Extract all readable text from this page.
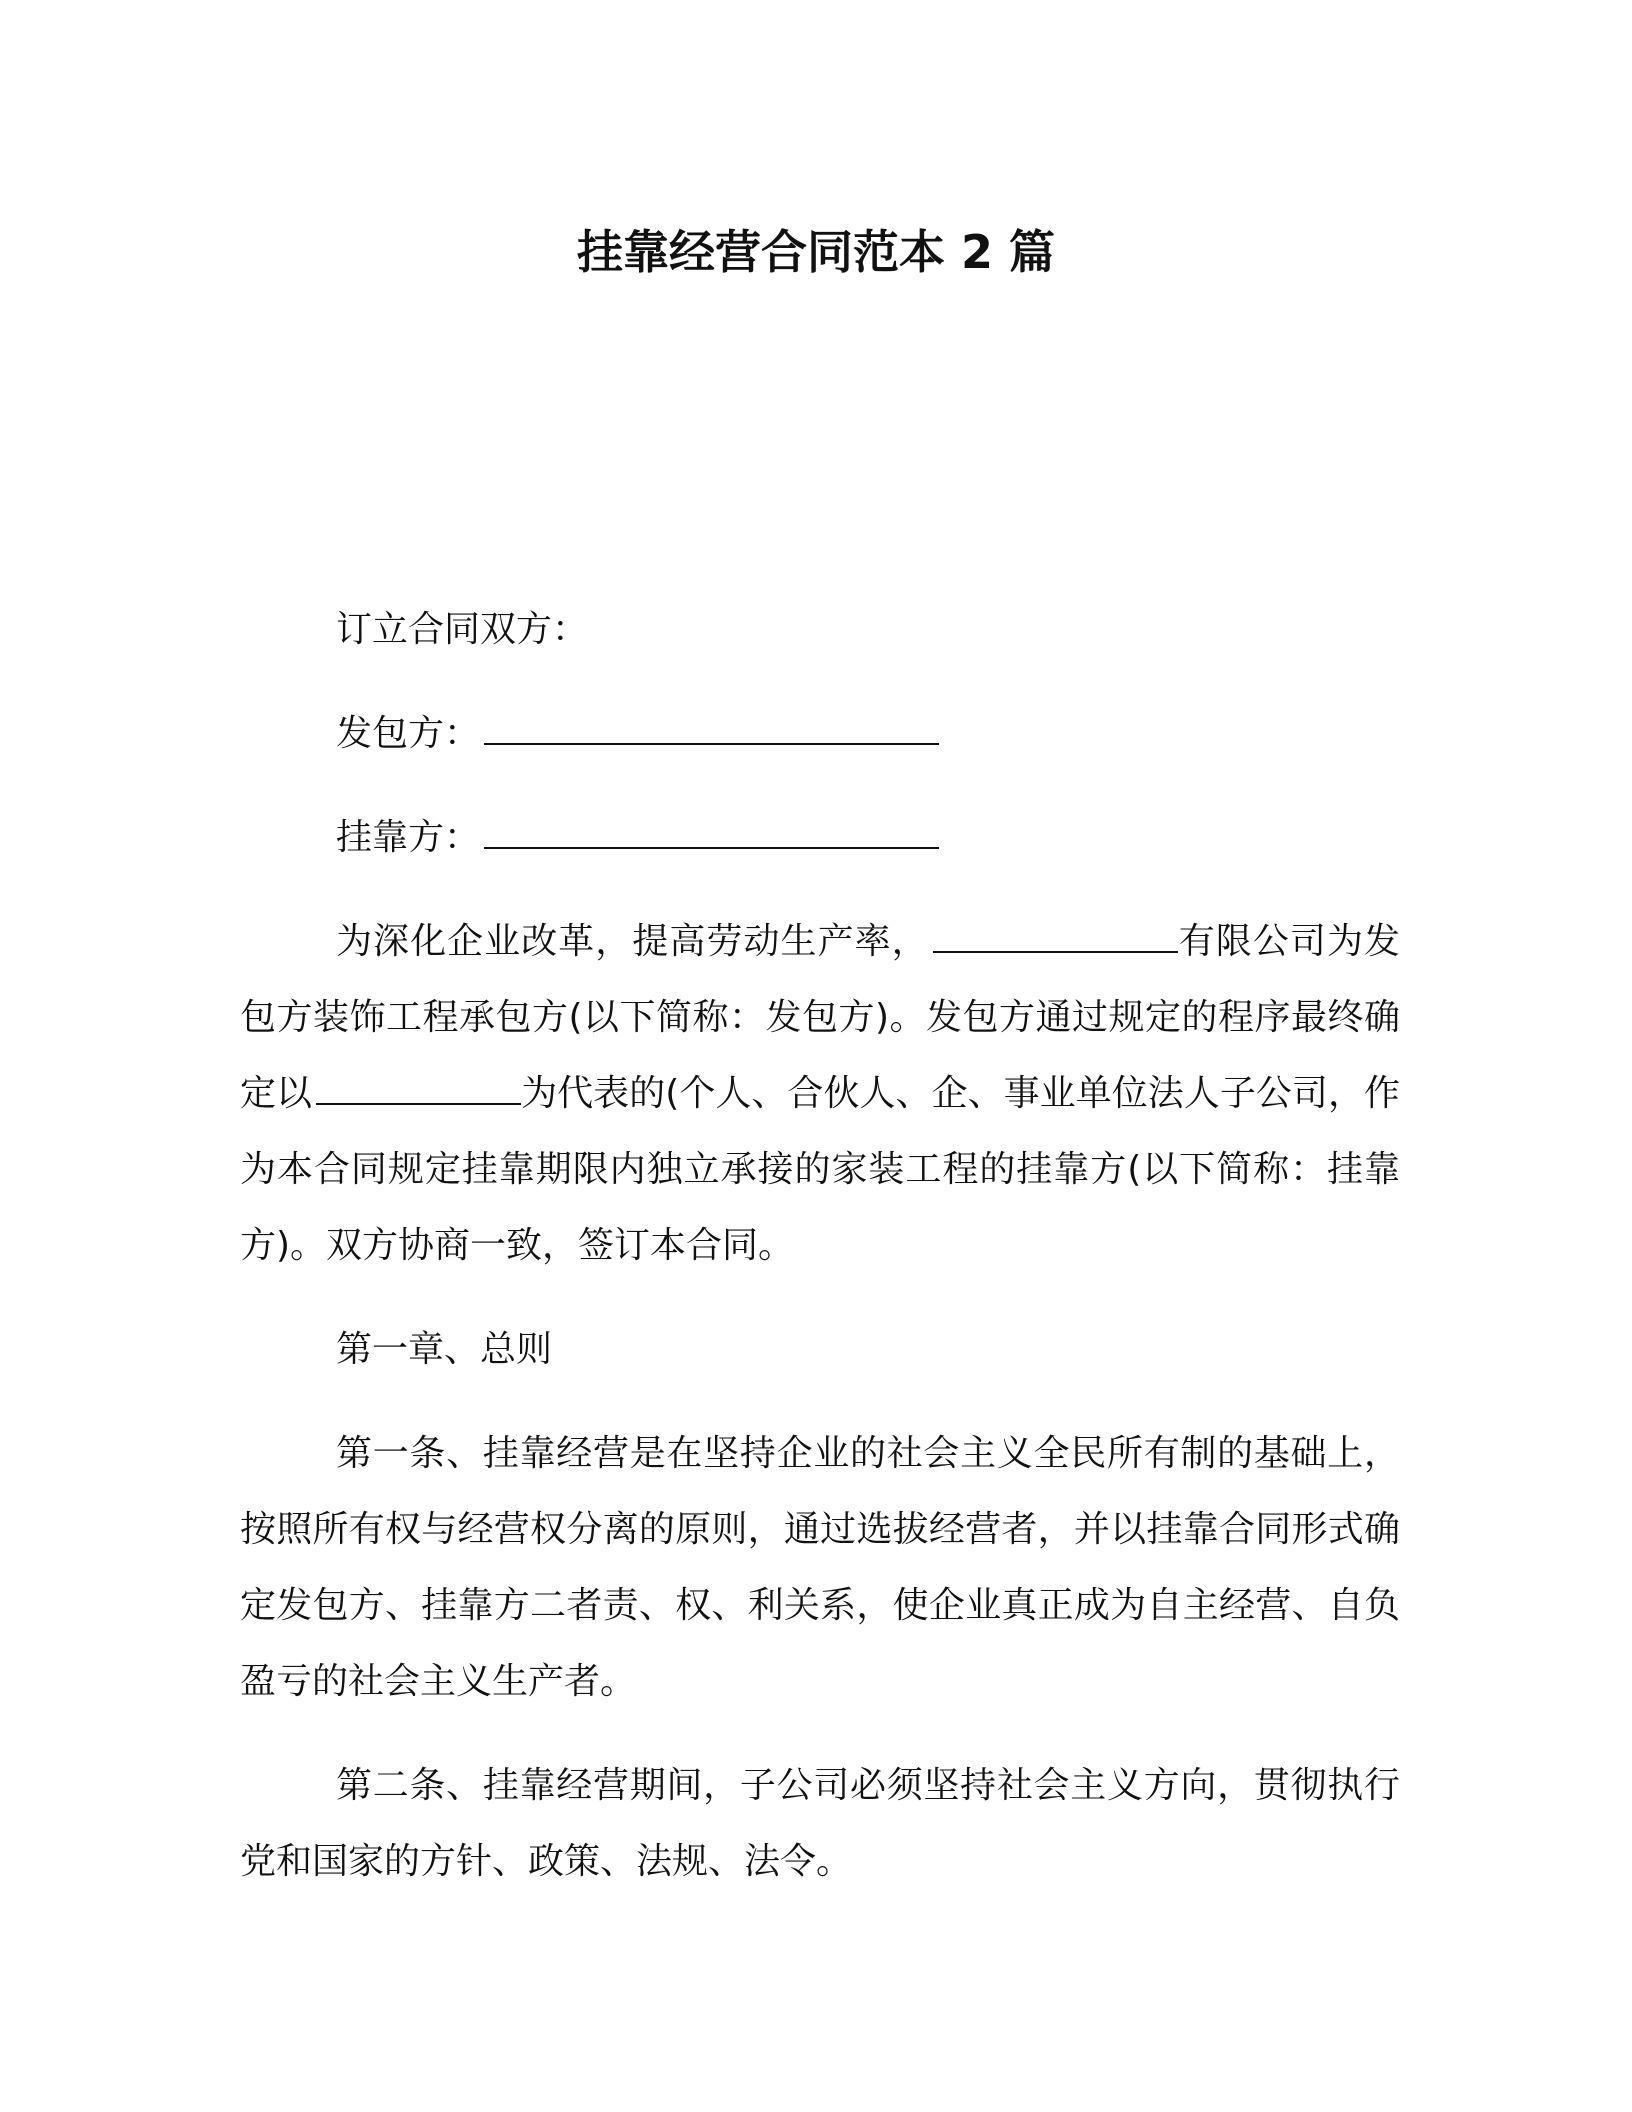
挂靠经营合同范本 2 篇

订立合同双方：

发包方：

挂靠方：

为深化企业改革，提高劳动生产率，	有限公司为发包方装饰工程承包方(以下简称：发包方)。发包方通过规定的程序最终确定以	为代表的(个人、合伙人、企、事业单位法人子公司，作为本合同规定挂靠期限内独立承接的家装工程的挂靠方(以下简称：挂靠方)。双方协商一致，签订本合同。

第一章、总则

第一条、挂靠经营是在坚持企业的社会主义全民所有制的基础上，按照所有权与经营权分离的原则，通过选拔经营者，并以挂靠合同形式确定发包方、挂靠方二者责、权、利关系，使企业真正成为自主经营、自负盈亏的社会主义生产者。

第二条、挂靠经营期间，子公司必须坚持社会主义方向，贯彻执行党和国家的方针、政策、法规、法令。
